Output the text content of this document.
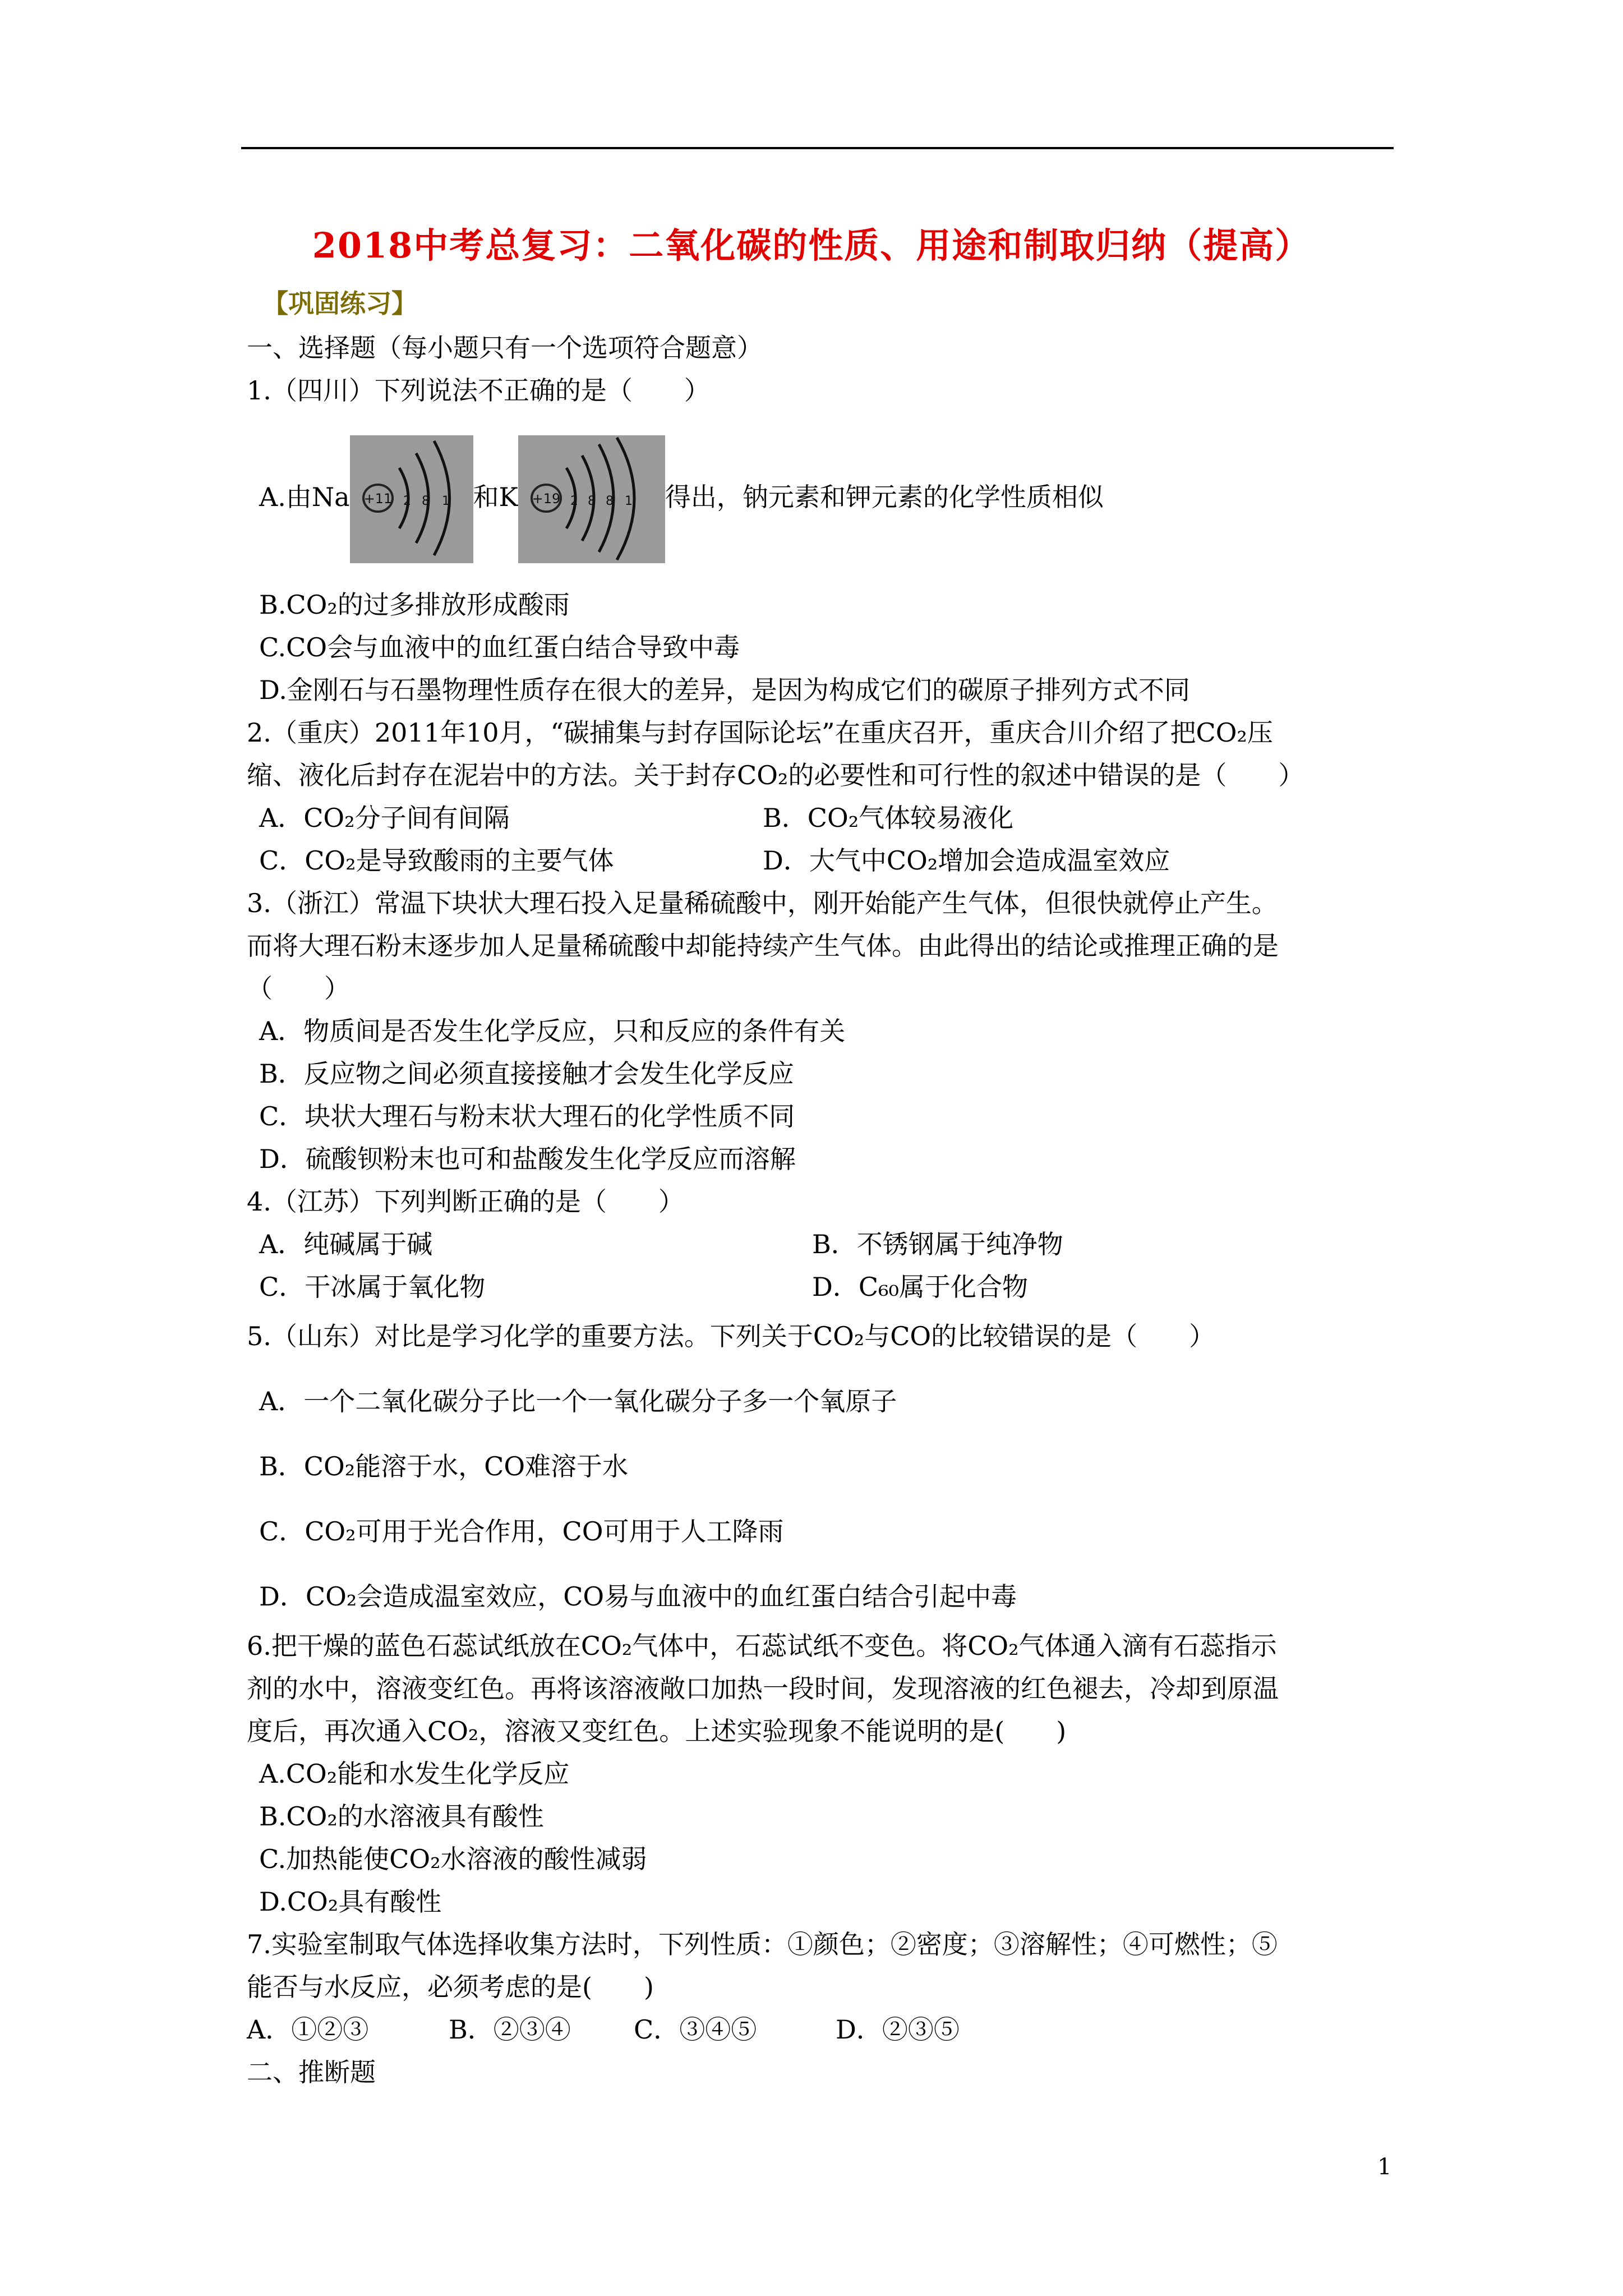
2018中考总复习：二氧化碳的性质、用途和制取归纳（提高）
【巩固练习】
一、选择题（每小题只有一个选项符合题意）
1.（四川）下列说法不正确的是（　　）
A.由Na +11 2 8 1 和K +19 2 8 8 1 得出，钠元素和钾元素的化学性质相似
B.CO₂的过多排放形成酸雨
C.CO会与血液中的血红蛋白结合导致中毒
D.金刚石与石墨物理性质存在很大的差异，是因为构成它们的碳原子排列方式不同
2.（重庆）2011年10月，“碳捕集与封存国际论坛”在重庆召开，重庆合川介绍了把CO₂压
缩、液化后封存在泥岩中的方法。关于封存CO₂的必要性和可行性的叙述中错误的是（　　）
A．CO₂分子间有间隔	B．CO₂气体较易液化
C．CO₂是导致酸雨的主要气体	D．大气中CO₂增加会造成温室效应
3.（浙江）常温下块状大理石投入足量稀硫酸中，刚开始能产生气体，但很快就停止产生。
而将大理石粉末逐步加人足量稀硫酸中却能持续产生气体。由此得出的结论或推理正确的是
（　　）
A．物质间是否发生化学反应，只和反应的条件有关
B．反应物之间必须直接接触才会发生化学反应
C．块状大理石与粉末状大理石的化学性质不同
D．硫酸钡粉末也可和盐酸发生化学反应而溶解
4.（江苏）下列判断正确的是（　　）
A．纯碱属于碱	B．不锈钢属于纯净物
C．干冰属于氧化物	D．C₆₀属于化合物
5.（山东）对比是学习化学的重要方法。下列关于CO₂与CO的比较错误的是（　　）
A．一个二氧化碳分子比一个一氧化碳分子多一个氧原子
B．CO₂能溶于水，CO难溶于水
C．CO₂可用于光合作用，CO可用于人工降雨
D．CO₂会造成温室效应，CO易与血液中的血红蛋白结合引起中毒
6.把干燥的蓝色石蕊试纸放在CO₂气体中，石蕊试纸不变色。将CO₂气体通入滴有石蕊指示
剂的水中，溶液变红色。再将该溶液敞口加热一段时间，发现溶液的红色褪去，冷却到原温
度后，再次通入CO₂，溶液又变红色。上述实验现象不能说明的是(　　)
A.CO₂能和水发生化学反应
B.CO₂的水溶液具有酸性
C.加热能使CO₂水溶液的酸性减弱
D.CO₂具有酸性
7.实验室制取气体选择收集方法时，下列性质：①颜色；②密度；③溶解性；④可燃性；⑤
能否与水反应，必须考虑的是(　　)
A．①②③	B．②③④ C．③④⑤	D．②③⑤
二、推断题
1
